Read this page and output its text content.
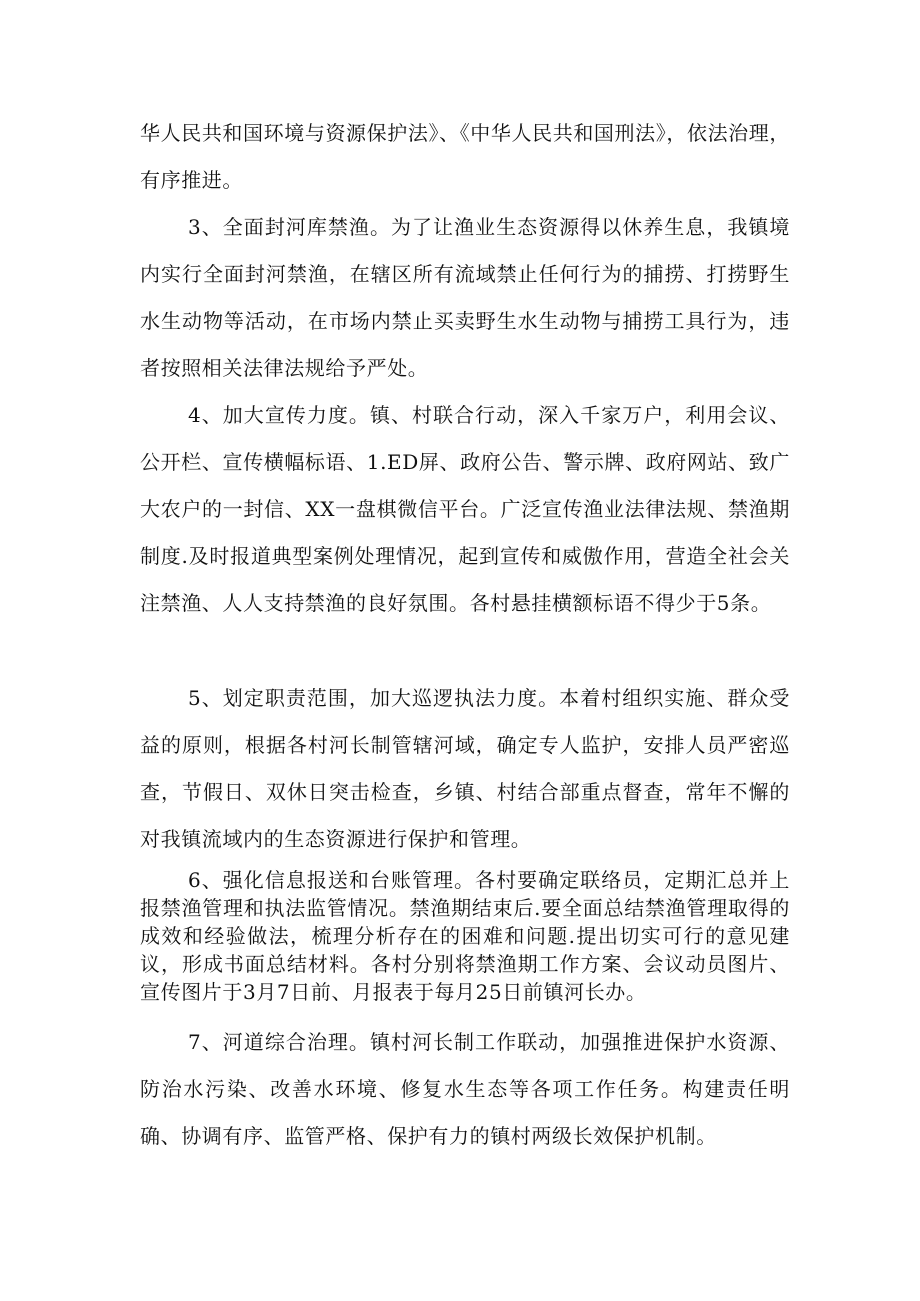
华人民共和国环境与资源保护法》、《中华人民共和国刑法》，依法治理，有序推进。

3、全面封河库禁渔。为了让渔业生态资源得以休养生息，我镇境内实行全面封河禁渔，在辖区所有流域禁止任何行为的捕捞、打捞野生水生动物等活动，在市场内禁止买卖野生水生动物与捕捞工具行为，违者按照相关法律法规给予严处。

4、加大宣传力度。镇、村联合行动，深入千家万户，利用会议、公开栏、宣传横幅标语、1.ED屏、政府公告、警示牌、政府网站、致广大农户的一封信、XX一盘棋微信平台。广泛宣传渔业法律法规、禁渔期制度.及时报道典型案例处理情况，起到宣传和威傲作用，营造全社会关注禁渔、人人支持禁渔的良好氛围。各村悬挂横额标语不得少于5条。

5、划定职责范围，加大巡逻执法力度。本着村组织实施、群众受益的原则，根据各村河长制管辖河域，确定专人监护，安排人员严密巡查，节假日、双休日突击检查，乡镇、村结合部重点督查，常年不懈的对我镇流域内的生态资源进行保护和管理。

6、强化信息报送和台账管理。各村要确定联络员，定期汇总并上报禁渔管理和执法监管情况。禁渔期结束后.要全面总结禁渔管理取得的成效和经验做法，梳理分析存在的困难和问题.提出切实可行的意见建议，形成书面总结材料。各村分别将禁渔期工作方案、会议动员图片、宣传图片于3月7日前、月报表于每月25日前镇河长办。

7、河道综合治理。镇村河长制工作联动，加强推进保护水资源、防治水污染、改善水环境、修复水生态等各项工作任务。构建责任明确、协调有序、监管严格、保护有力的镇村两级长效保护机制。
